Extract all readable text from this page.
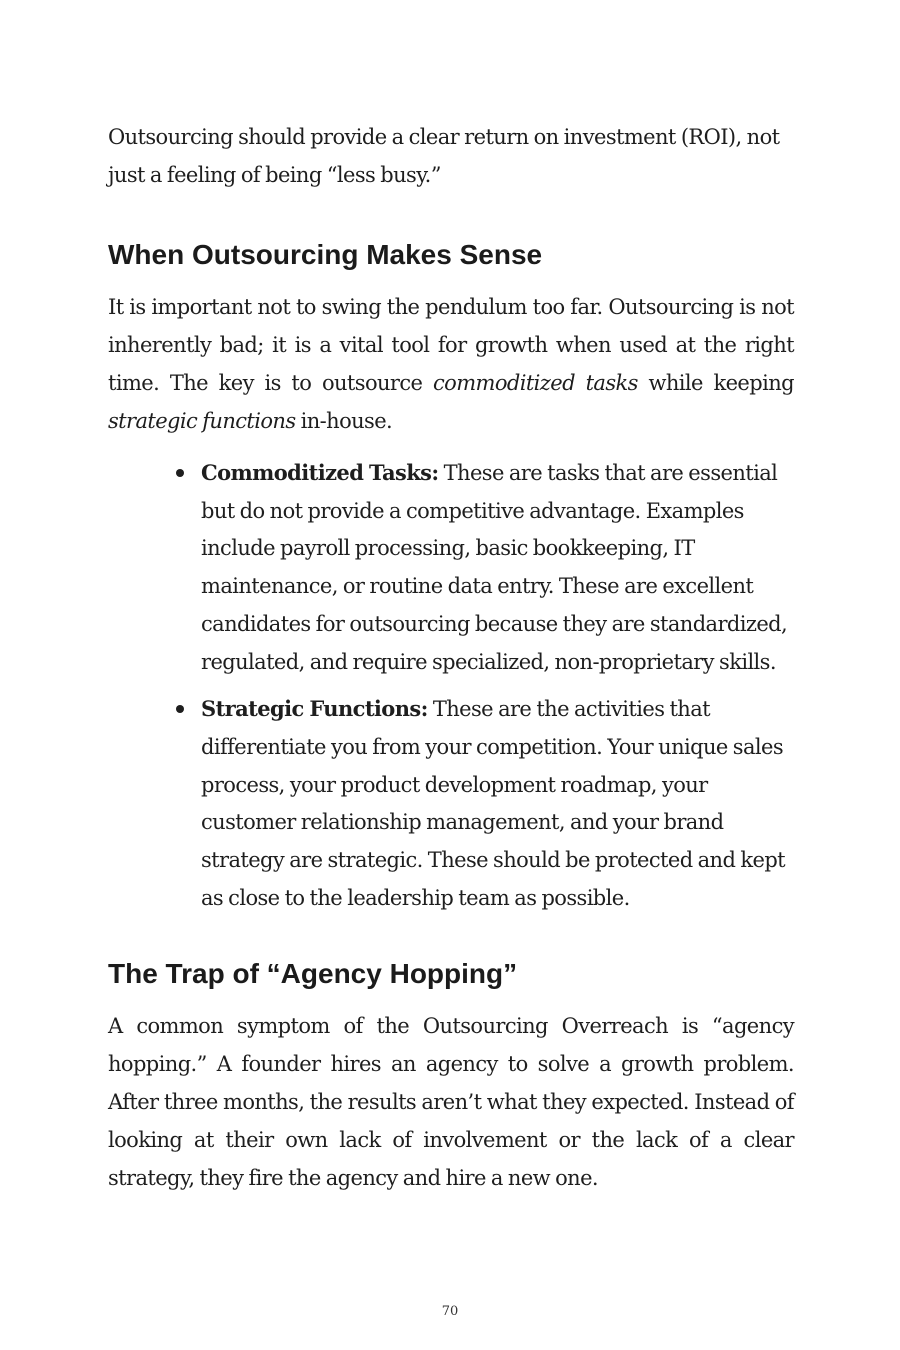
Outsourcing should provide a clear return on investment (ROI), not just a feeling of being “less busy.”

When Outsourcing Makes Sense

It is important not to swing the pendulum too far. Outsourcing is not inherently bad; it is a vital tool for growth when used at the right time. The key is to outsource commoditized tasks while keeping strategic functions in-house.

Commoditized Tasks: These are tasks that are essential but do not provide a competitive advantage. Examples include payroll processing, basic bookkeeping, IT maintenance, or routine data entry. These are excellent candidates for outsourcing because they are standardized, regulated, and require specialized, non-proprietary skills.
Strategic Functions: These are the activities that differentiate you from your competition. Your unique sales process, your product development roadmap, your customer relationship management, and your brand strategy are strategic. These should be protected and kept as close to the leadership team as possible.
The Trap of “Agency Hopping”

A common symptom of the Outsourcing Overreach is “agency hopping.” A founder hires an agency to solve a growth problem. After three months, the results aren’t what they expected. Instead of looking at their own lack of involvement or the lack of a clear strategy, they fire the agency and hire a new one.

70
